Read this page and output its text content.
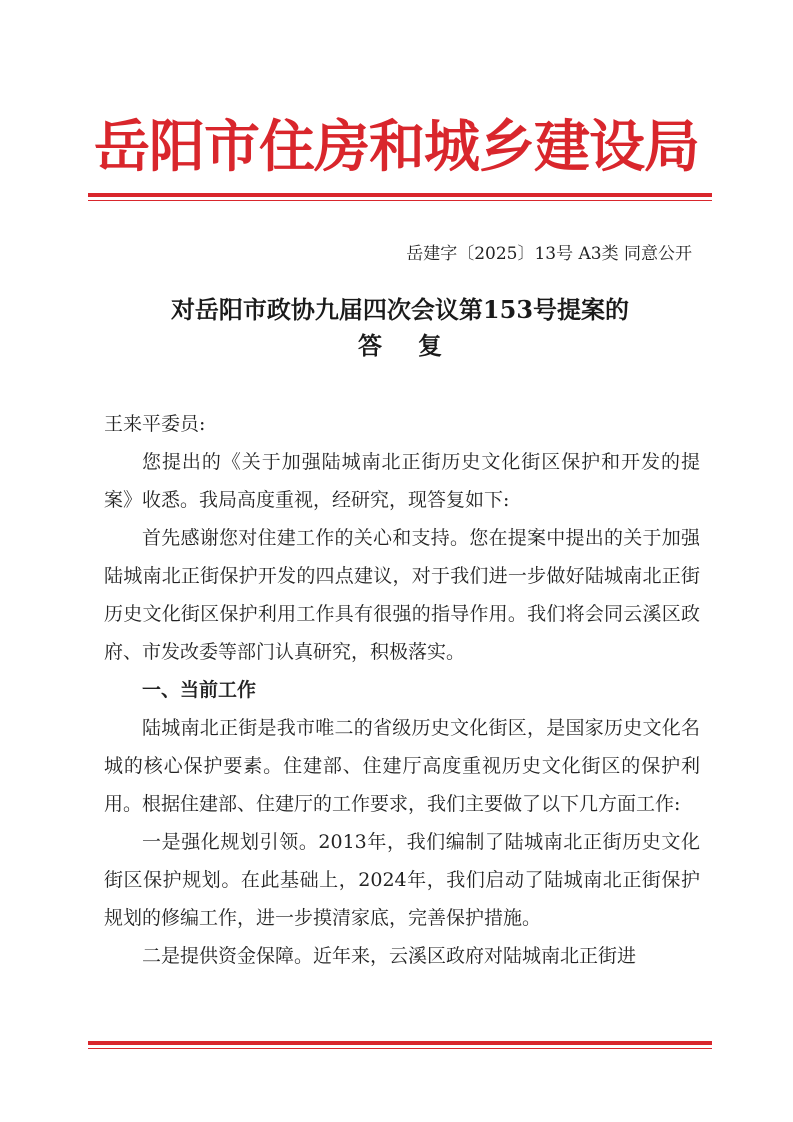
岳阳市住房和城乡建设局
岳建字〔2025〕13号 A3类 同意公开
对岳阳市政协九届四次会议第153号提案的
答复

王来平委员:

您提出的《关于加强陆城南北正街历史文化街区保护和开发的提案》收悉。我局高度重视，经研究，现答复如下:

首先感谢您对住建工作的关心和支持。您在提案中提出的关于加强陆城南北正街保护开发的四点建议，对于我们进一步做好陆城南北正街历史文化街区保护利用工作具有很强的指导作用。我们将会同云溪区政府、市发改委等部门认真研究，积极落实。

一、当前工作

陆城南北正街是我市唯二的省级历史文化街区，是国家历史文化名城的核心保护要素。住建部、住建厅高度重视历史文化街区的保护利用。根据住建部、住建厅的工作要求，我们主要做了以下几方面工作:

一是强化规划引领。2013年，我们编制了陆城南北正街历史文化街区保护规划。在此基础上，2024年，我们启动了陆城南北正街保护规划的修编工作，进一步摸清家底，完善保护措施。

二是提供资金保障。近年来，云溪区政府对陆城南北正街进
